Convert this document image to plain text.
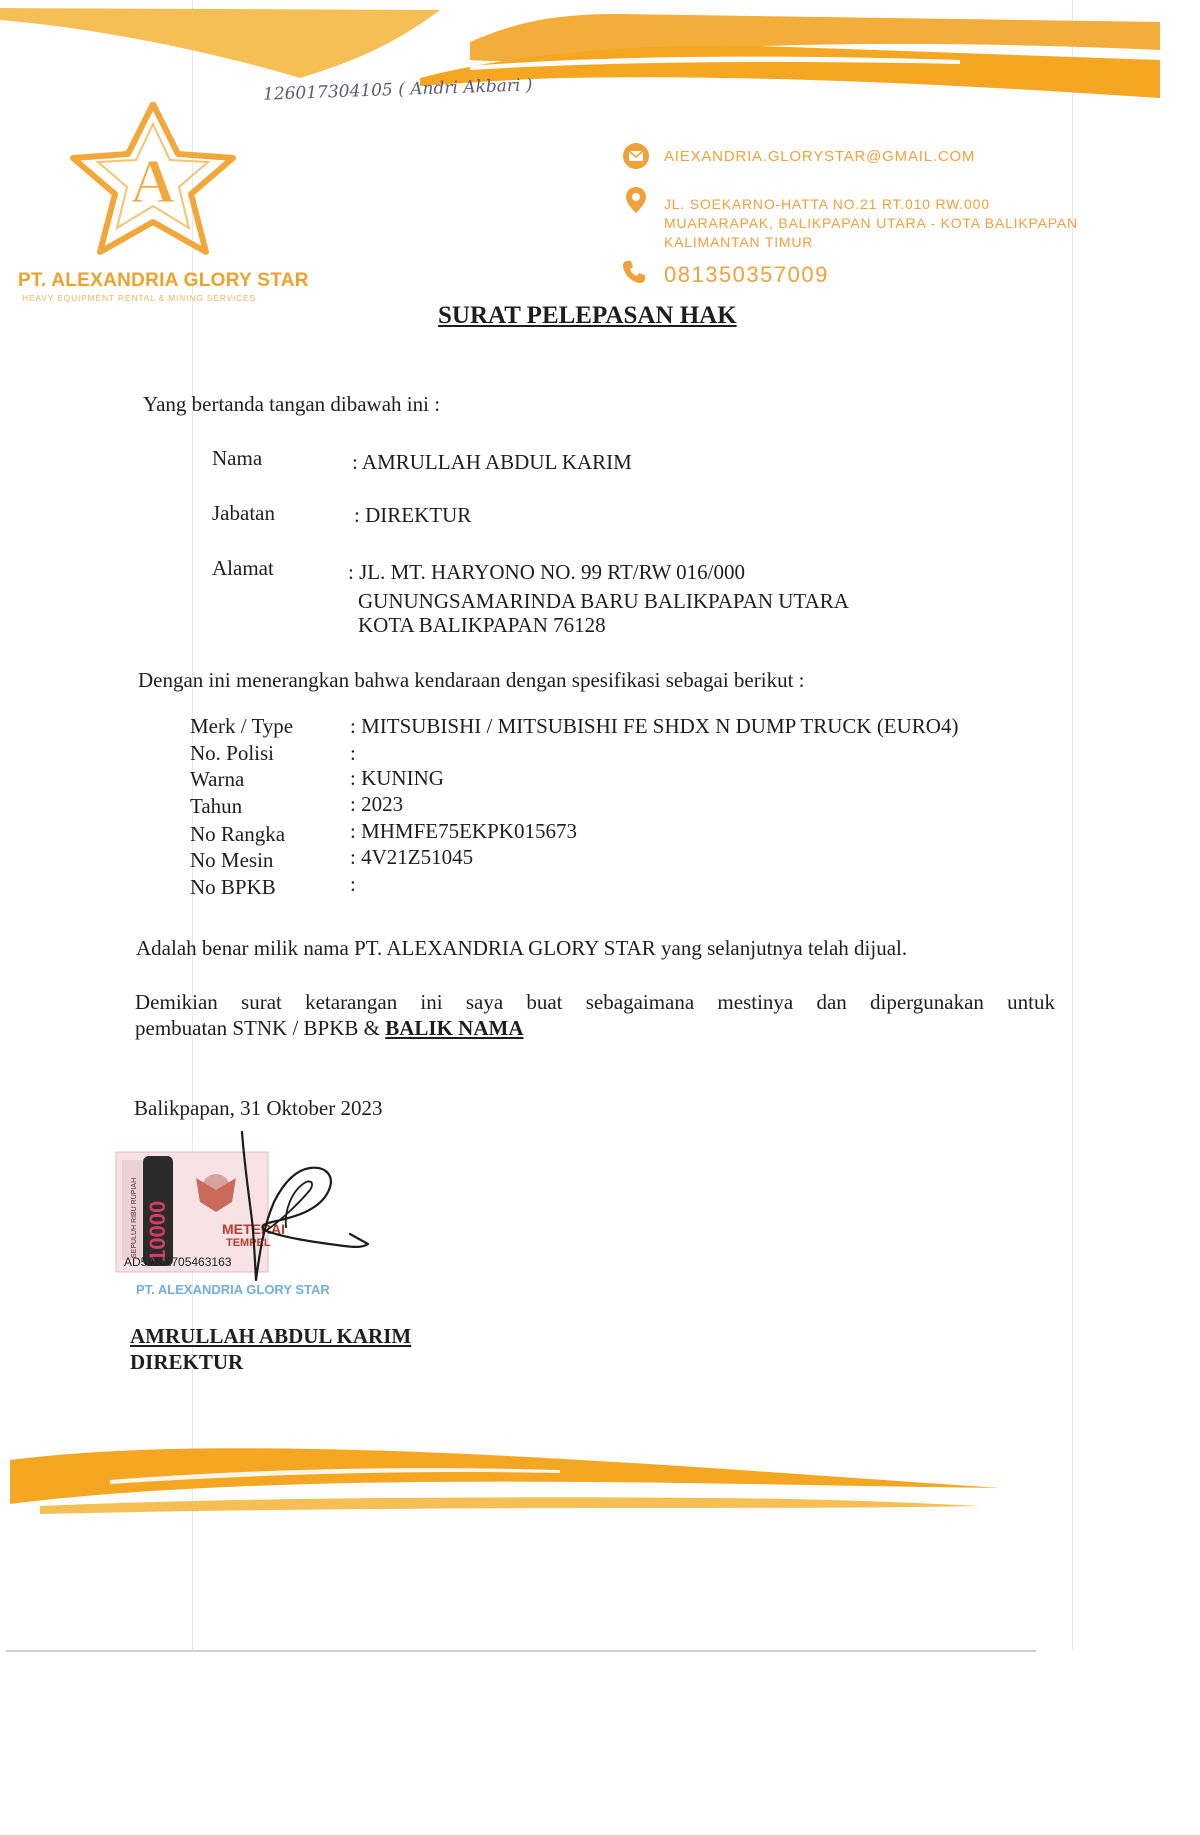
126017304105 ( Andri Akbari )
A
PT. ALEXANDRIA GLORY STAR
HEAVY EQUIPMENT RENTAL & MINING SERVICES
AIEXANDRIA.GLORYSTAR@GMAIL.COM
JL. SOEKARNO-HATTA NO.21 RT.010 RW.000
MUARARAPAK, BALIKPAPAN UTARA - KOTA BALIKPAPAN
KALIMANTAN TIMUR
081350357009
SURAT PELEPASAN HAK
Yang bertanda tangan dibawah ini :
Nama	: AMRULLAH ABDUL KARIM
Jabatan	: DIREKTUR
Alamat	: JL. MT. HARYONO NO. 99 RT/RW 016/000
GUNUNGSAMARINDA BARU BALIKPAPAN UTARA
KOTA BALIKPAPAN 76128
Dengan ini menerangkan bahwa kendaraan dengan spesifikasi sebagai berikut :
Merk / Type	: MITSUBISHI / MITSUBISHI FE SHDX N DUMP TRUCK (EURO4)
No. Polisi	:
Warna	: KUNING
Tahun	: 2023
No Rangka	: MHMFE75EKPK015673
No Mesin	: 4V21Z51045
No BPKB	:
Adalah benar milik nama PT. ALEXANDRIA GLORY STAR yang selanjutnya telah dijual.
Demikian surat ketarangan ini saya buat sebagaimana mestinya dan dipergunakan untuk
pembuatan STNK / BPKB & BALIK NAMA
Balikpapan, 31 Oktober 2023
SEPULUH RIBU RUPIAH 10000	METERAI
TEMPEL
AD5AKX705463163
PT. ALEXANDRIA GLORY STAR
AMRULLAH ABDUL KARIM
DIREKTUR
